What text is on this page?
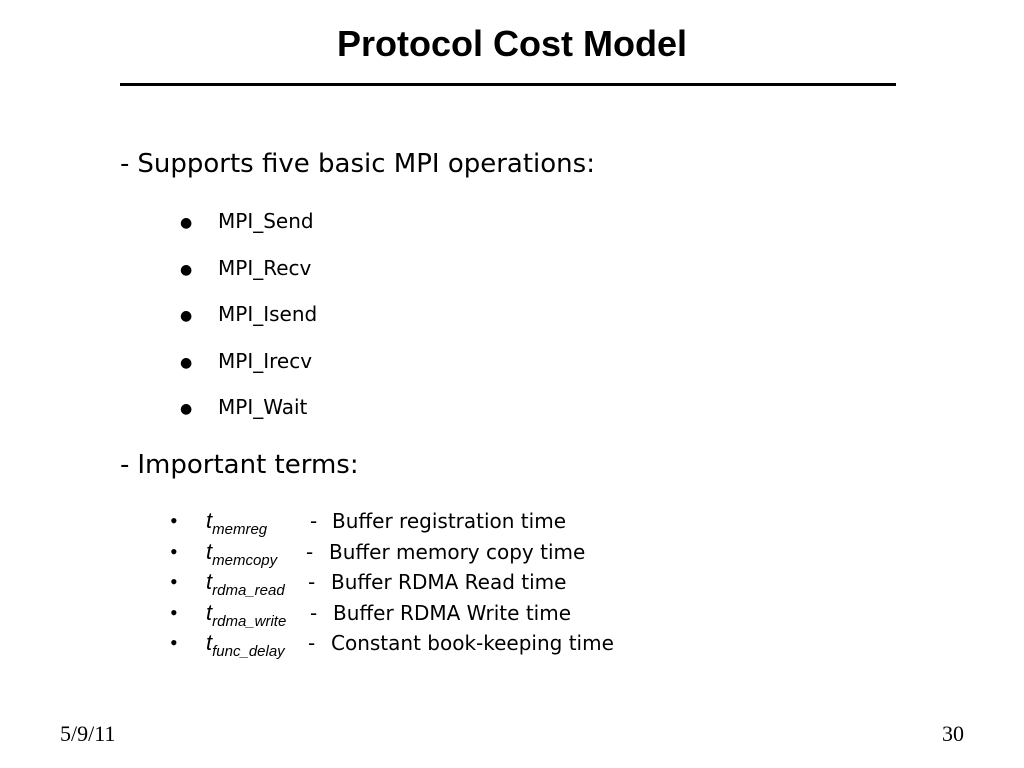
Protocol Cost Model
- Supports five basic MPI operations:
● MPI_Send
● MPI_Recv
● MPI_Isend
● MPI_Irecv
● MPI_Wait
- Important terms:
• $t_{memreg}$ - Buffer registration time
• $t_{memcopy}$ - Buffer memory copy time
• $t_{rdma\_read}$ - Buffer RDMA Read time
• $t_{rdma\_write}$ - Buffer RDMA Write time
• $t_{func\_delay}$ - Constant book-keeping time
5/9/11	30
